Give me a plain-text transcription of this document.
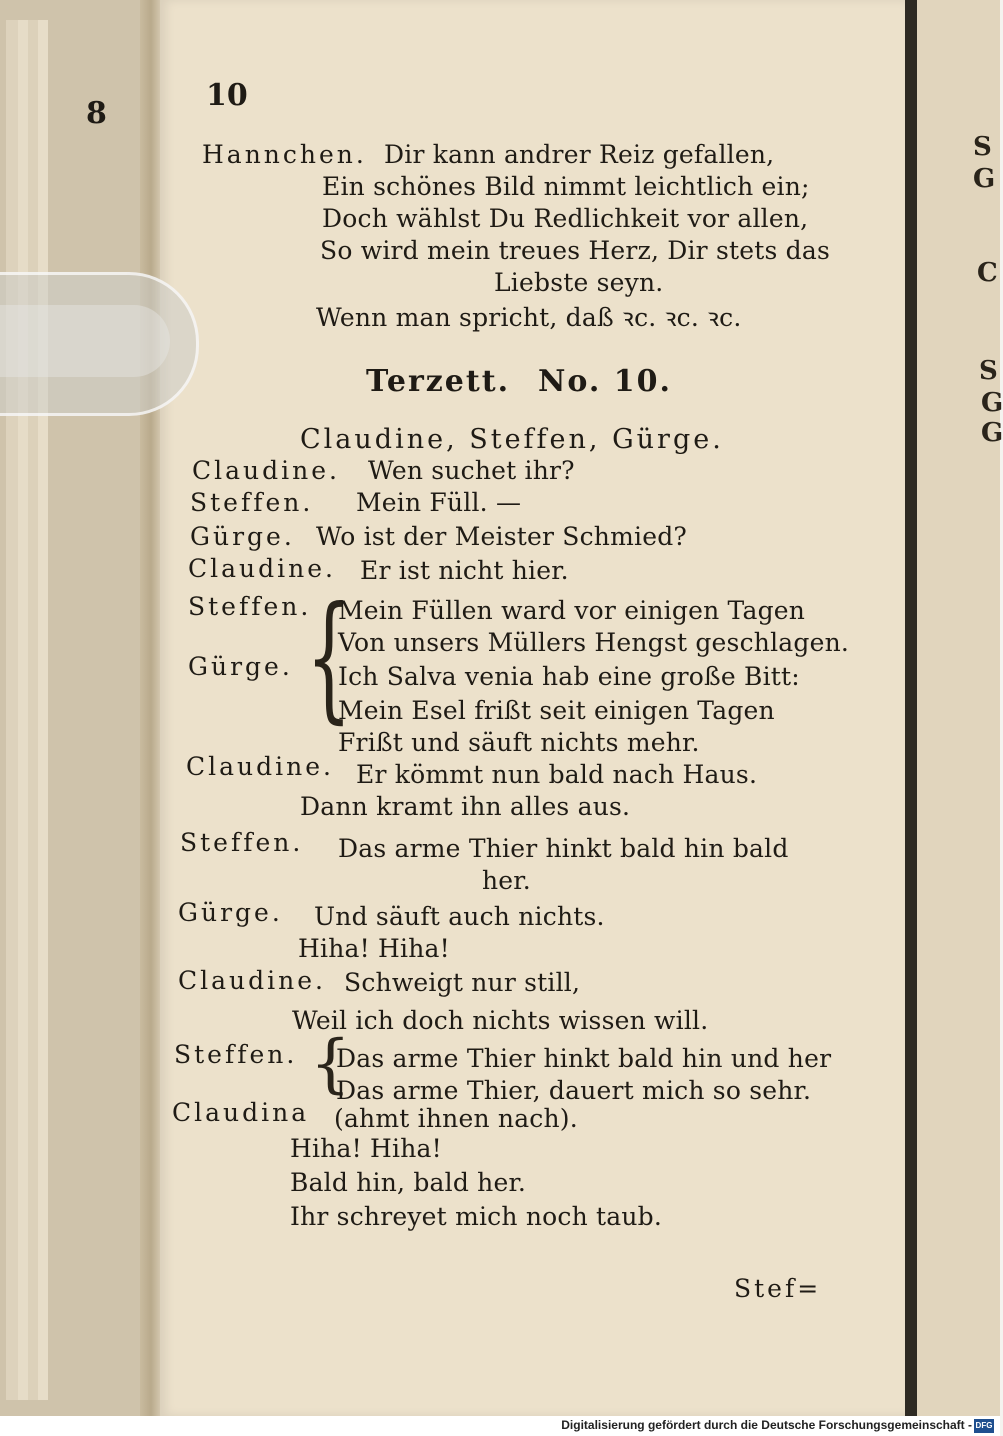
S
G
C
S
G
G
8
10
Hannchen. Dir kann andrer Reiz gefallen,
Ein schönes Bild nimmt leichtlich ein;
Doch wählst Du Redlichkeit vor allen,
So wird mein treues Herz, Dir stets das
Liebste seyn.
Wenn man spricht, daß ꝛc. ꝛc. ꝛc.
Terzett. No. 10.
Claudine, Steffen, Gürge.
Claudine. Wen suchet ihr?
Steffen. Mein Füll. —
Gürge. Wo ist der Meister Schmied?
Claudine. Er ist nicht hier.
Steffen.
Gürge. {
Mein Füllen ward vor einigen Tagen
Von unsers Müllers Hengst geschlagen.
Ich Salva venia hab eine große Bitt:
Mein Esel frißt seit einigen Tagen
Frißt und säuft nichts mehr.
Claudine. Er kömmt nun bald nach Haus.
Dann kramt ihn alles aus.
Steffen. Das arme Thier hinkt bald hin bald
her.
Gürge. Und säuft auch nichts.
Hiha! Hiha!
Claudine. Schweigt nur still,
Weil ich doch nichts wissen will.
Steffen. {
Das arme Thier hinkt bald hin und her
Das arme Thier, dauert mich so sehr.
Claudina (ahmt ihnen nach).
Hiha! Hiha!
Bald hin, bald her.
Ihr schreyet mich noch taub.
Stef=
Digitalisierung gefördert durch die Deutsche Forschungsgemeinschaft - DFG
